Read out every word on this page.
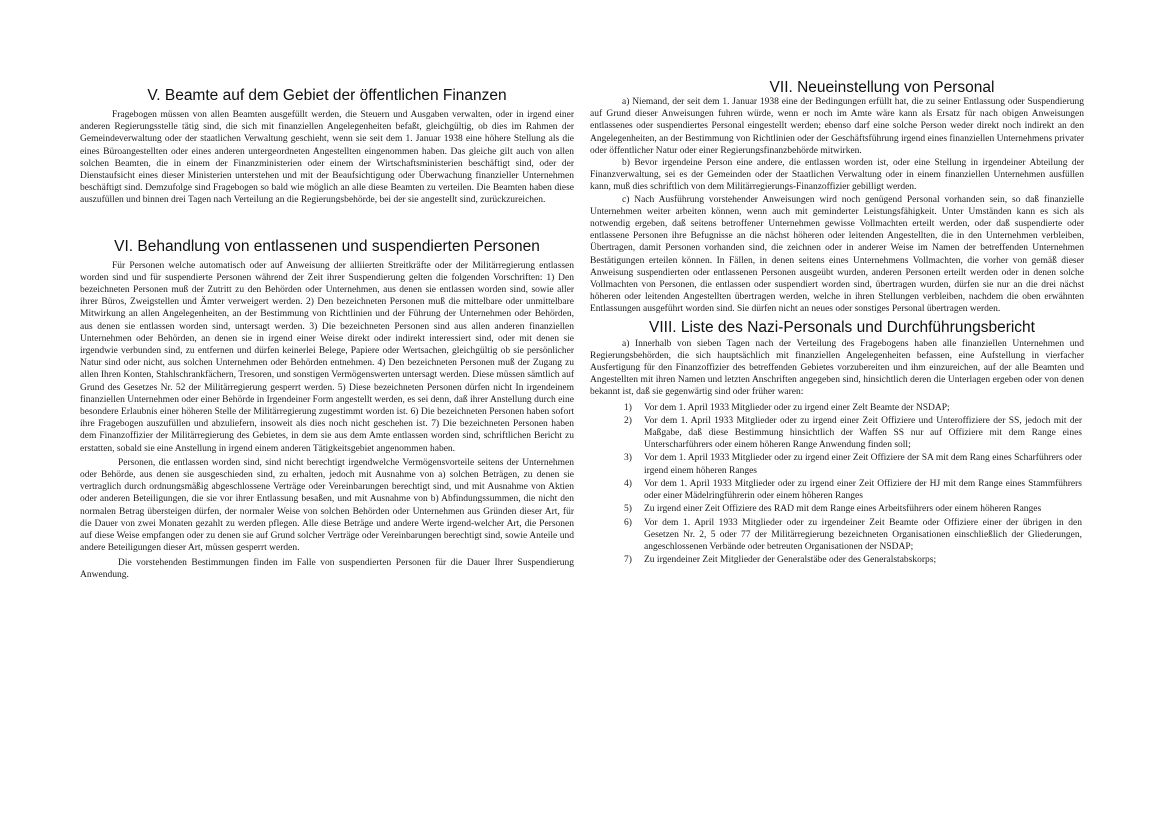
V. Beamte auf dem Gebiet der öffentlichen Finanzen

Fragebogen müssen von allen Beamten ausgefüllt werden, die Steuern und Ausgaben verwalten, oder in irgend einer anderen Regierungsstelle tätig sind, die sich mit finanziellen Angelegenheiten befaßt, gleichgültig, ob dies im Rahmen der Gemeindeverwaltung oder der staatlichen Verwaltung geschieht, wenn sie seit dem 1. Januar 1938 eine höhere Stellung als die eines Büroangestellten oder eines anderen untergeordneten Angestellten eingenommen haben. Das gleiche gilt auch von allen solchen Beamten, die in einem der Finanzministerien oder einem der Wirtschaftsministerien beschäftigt sind, oder der Dienstaufsicht eines dieser Ministerien unterstehen und mit der Beaufsichtigung oder Überwachung finanzieller Unternehmen beschäftigt sind. Demzufolge sind Fragebogen so bald wie möglich an alle diese Beamten zu verteilen. Die Beamten haben diese auszufüllen und binnen drei Tagen nach Verteilung an die Regierungsbehörde, bei der sie angestellt sind, zurückzureichen.

VI. Behandlung von entlassenen und suspendierten Personen

Für Personen welche automatisch oder auf Anweisung der alliierten Streitkräfte oder der Militärregierung entlassen worden sind und für suspendierte Personen während der Zeit ihrer Suspendierung gelten die folgenden Vorschriften: 1) Den bezeichneten Personen muß der Zutritt zu den Behörden oder Unternehmen, aus denen sie entlassen worden sind, sowie aller ihrer Büros, Zweigstellen und Ämter verweigert werden. 2) Den bezeichneten Personen muß die mittelbare oder unmittelbare Mitwirkung an allen Angelegenheiten, an der Bestimmung von Richtlinien und der Führung der Unternehmen oder Behörden, aus denen sie entlassen worden sind, untersagt werden. 3) Die bezeichneten Personen sind aus allen anderen finanziellen Unternehmen oder Behörden, an denen sie in irgend einer Weise direkt oder indirekt interessiert sind, oder mit denen sie irgendwie verbunden sind, zu entfernen und dürfen keinerlei Belege, Papiere oder Wertsachen, gleichgültig ob sie persönlicher Natur sind oder nicht, aus solchen Unternehmen oder Behörden entnehmen. 4) Den bezeichneten Personen muß der Zugang zu allen Ihren Konten, Stahlschrankfächern, Tresoren, und sonstigen Vermögenswerten untersagt werden. Diese müssen sämtlich auf Grund des Gesetzes Nr. 52 der Militärregierung gesperrt werden. 5) Diese bezeichneten Personen dürfen nicht In irgendeinem finanziellen Unternehmen oder einer Behörde in Irgendeiner Form angestellt werden, es sei denn, daß ihrer Anstellung durch eine besondere Erlaubnis einer höheren Stelle der Militärregierung zugestimmt worden ist. 6) Die bezeichneten Personen haben sofort ihre Fragebogen auszufüllen und abzuliefern, insoweit als dies noch nicht geschehen ist. 7) Die bezeichneten Personen haben dem Finanzoffizier der Militärregierung des Gebietes, in dem sie aus dem Amte entlassen worden sind, schriftlichen Bericht zu erstatten, sobald sie eine Anstellung in irgend einem anderen Tätigkeitsgebiet angenommen haben.

Personen, die entlassen worden sind, sind nicht berechtigt irgendwelche Vermögensvorteile seitens der Unternehmen oder Behörde, aus denen sie ausgeschieden sind, zu erhalten, jedoch mit Ausnahme von a) solchen Beträgen, zu denen sie vertraglich durch ordnungsmäßig abgeschlossene Verträge oder Vereinbarungen berechtigt sind, und mit Ausnahme von Aktien oder anderen Beteiligungen, die sie vor ihrer Entlassung besaßen, und mit Ausnahme von b) Abfindungssummen, die nicht den normalen Betrag übersteigen dürfen, der normaler Weise von solchen Behörden oder Unternehmen aus Gründen dieser Art, für die Dauer von zwei Monaten gezahlt zu werden pflegen. Alle diese Beträge und andere Werte irgend-welcher Art, die Personen auf diese Weise empfangen oder zu denen sie auf Grund solcher Verträge oder Vereinbarungen berechtigt sind, sowie Anteile und andere Beteiligungen dieser Art, müssen gesperrt werden.

Die vorstehenden Bestimmungen finden im Falle von suspendierten Personen für die Dauer Ihrer Suspendierung Anwendung.

VII. Neueinstellung von Personal

a) Niemand, der seit dem 1. Januar 1938 eine der Bedingungen erfüllt hat, die zu seiner Entlassung oder Suspendierung auf Grund dieser Anweisungen fuhren würde, wenn er noch im Amte wäre kann als Ersatz für nach obigen Anweisungen entlassenes oder suspendiertes Personal eingestellt werden; ebenso darf eine solche Person weder direkt noch indirekt an den Angelegenheiten, an der Bestimmung von Richtlinien oder der Geschäftsführung irgend eines finanziellen Unternehmens privater oder öffentlicher Natur oder einer Regierungsfinanzbehörde mitwirken.

b) Bevor irgendeine Person eine andere, die entlassen worden ist, oder eine Stellung in irgendeiner Abteilung der Finanzverwaltung, sei es der Gemeinden oder der Staatlichen Verwaltung oder in einem finanziellen Unternehmen ausfüllen kann, muß dies schriftlich von dem Militärregierungs-Finanzoffizier gebilligt werden.

c) Nach Ausführung vorstehender Anweisungen wird noch genügend Personal vorhanden sein, so daß finanzielle Unternehmen weiter arbeiten können, wenn auch mit geminderter Leistungsfähigkeit. Unter Umständen kann es sich als notwendig ergeben, daß seitens betroffener Unternehmen gewisse Vollmachten erteilt werden, oder daß suspendierte oder entlassene Personen ihre Befugnisse an die nächst höheren oder leitenden Angestellten, die in den Unternehmen verbleiben, Übertragen, damit Personen vorhanden sind, die zeichnen oder in anderer Weise im Namen der betreffenden Unternehmen Bestätigungen erteilen können. In Fällen, in denen seitens eines Unternehmens Vollmachten, die vorher von gemäß dieser Anweisung suspendierten oder entlassenen Personen ausgeübt wurden, anderen Personen erteilt werden oder in denen solche Vollmachten von Personen, die entlassen oder suspendiert worden sind, übertragen wurden, dürfen sie nur an die drei nächst höheren oder leitenden Angestellten übertragen werden, welche in ihren Stellungen verbleiben, nachdem die oben erwähnten Entlassungen ausgeführt worden sind. Sie dürfen nicht an neues oder sonstiges Personal übertragen werden.

VIII. Liste des Nazi-Personals und Durchführungsbericht

a) Innerhalb von sieben Tagen nach der Verteilung des Fragebogens haben alle finanziellen Unternehmen und Regierungsbehörden, die sich hauptsächlich mit finanziellen Angelegenheiten befassen, eine Aufstellung in vierfacher Ausfertigung für den Finanzoffizier des betreffenden Gebietes vorzubereiten und ihm einzureichen, auf der alle Beamten und Angestellten mit ihren Namen und letzten Anschriften angegeben sind, hinsichtlich deren die Unterlagen ergeben oder von denen bekannt ist, daß sie gegenwärtig sind oder früher waren:

1) Vor dem 1. April 1933 Mitglieder oder zu irgend einer Zelt Beamte der NSDAP;
2) Vor dem 1. April 1933 Mitglieder oder zu irgend einer Zeit Offiziere und Unteroffiziere der SS, jedoch mit der Maßgabe, daß diese Bestimmung hinsichtlich der Waffen SS nur auf Offiziere mit dem Range eines Unterscharführers oder einem höheren Range Anwendung finden soll;
3) Vor dem 1. April 1933 Mitglieder oder zu irgend einer Zeit Offiziere der SA mit dem Rang eines Scharführers oder irgend einem höheren Ranges
4) Vor dem 1. April 1933 Mitglieder oder zu irgend einer Zeit Offiziere der HJ mit dem Range eines Stammführers oder einer Mädelringführerin oder einem höheren Ranges
5) Zu irgend einer Zeit Offiziere des RAD mit dem Range eines Arbeitsführers oder einem höheren Ranges
6) Vor dem 1. April 1933 Mitglieder oder zu irgendeiner Zeit Beamte oder Offiziere einer der übrigen in den Gesetzen Nr. 2, 5 oder 77 der Militärregierung bezeichneten Organisationen einschließlich der Gliederungen, angeschlossenen Verbände oder betreuten Organisationen der NSDAP;
7) Zu irgendeiner Zeit Mitglieder der Generalstäbe oder des Generalstabskorps;
